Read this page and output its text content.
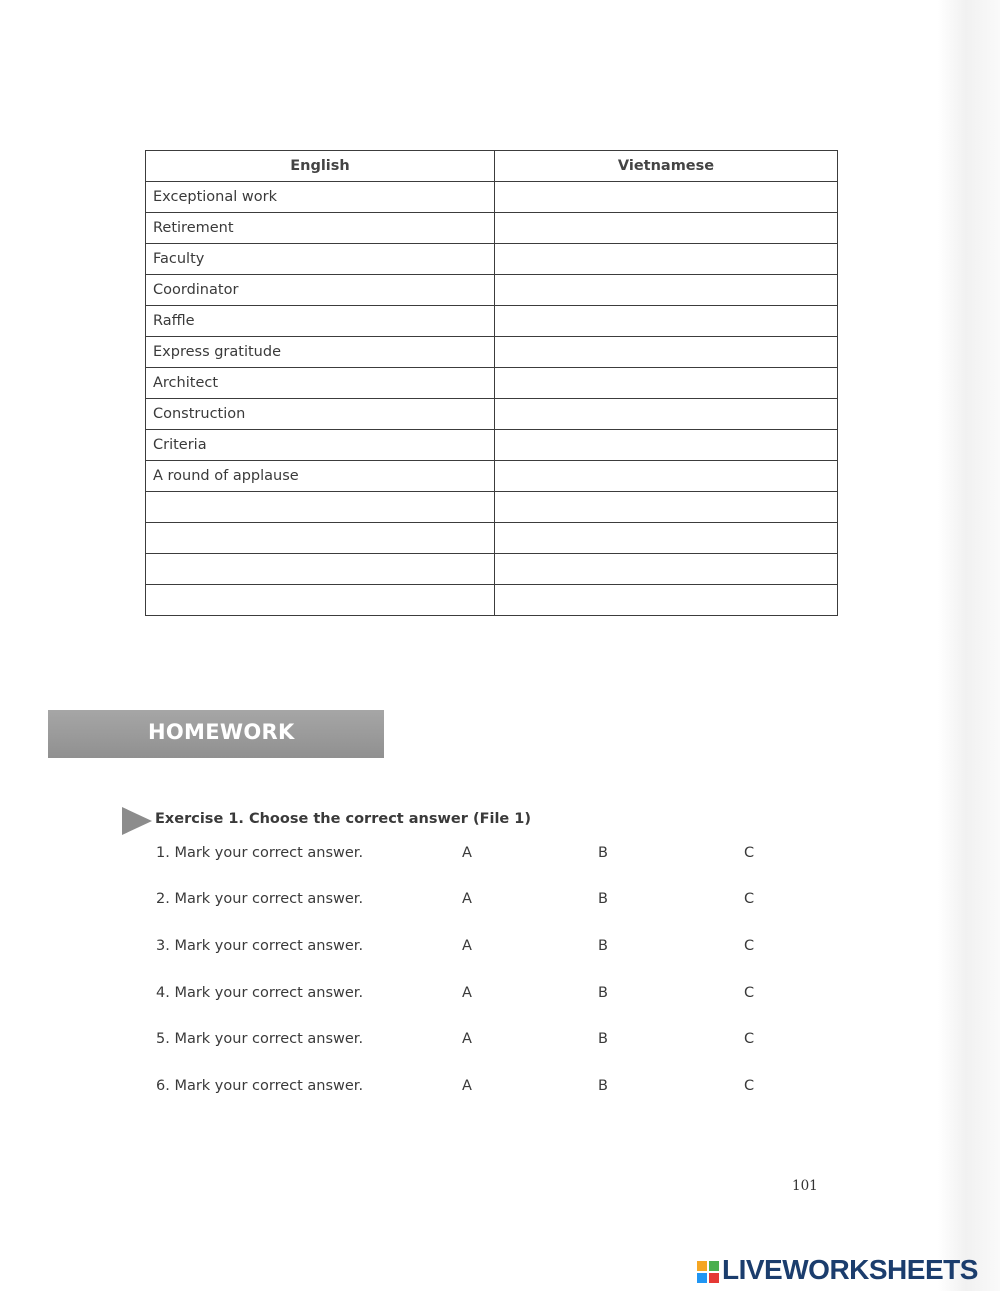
English	Vietnamese
Exceptional work	
Retirement	
Faculty	
Coordinator	
Raffle	
Express gratitude	
Architect	
Construction	
Criteria	
A round of applause	

HOMEWORK
Exercise 1. Choose the correct answer (File 1)
1. Mark your correct answer.	A	B	C
2. Mark your correct answer.	A	B	C
3. Mark your correct answer.	A	B	C
4. Mark your correct answer.	A	B	C
5. Mark your correct answer.	A	B	C
6. Mark your correct answer.	A	B	C
101
LIVEWORKSHEETS
